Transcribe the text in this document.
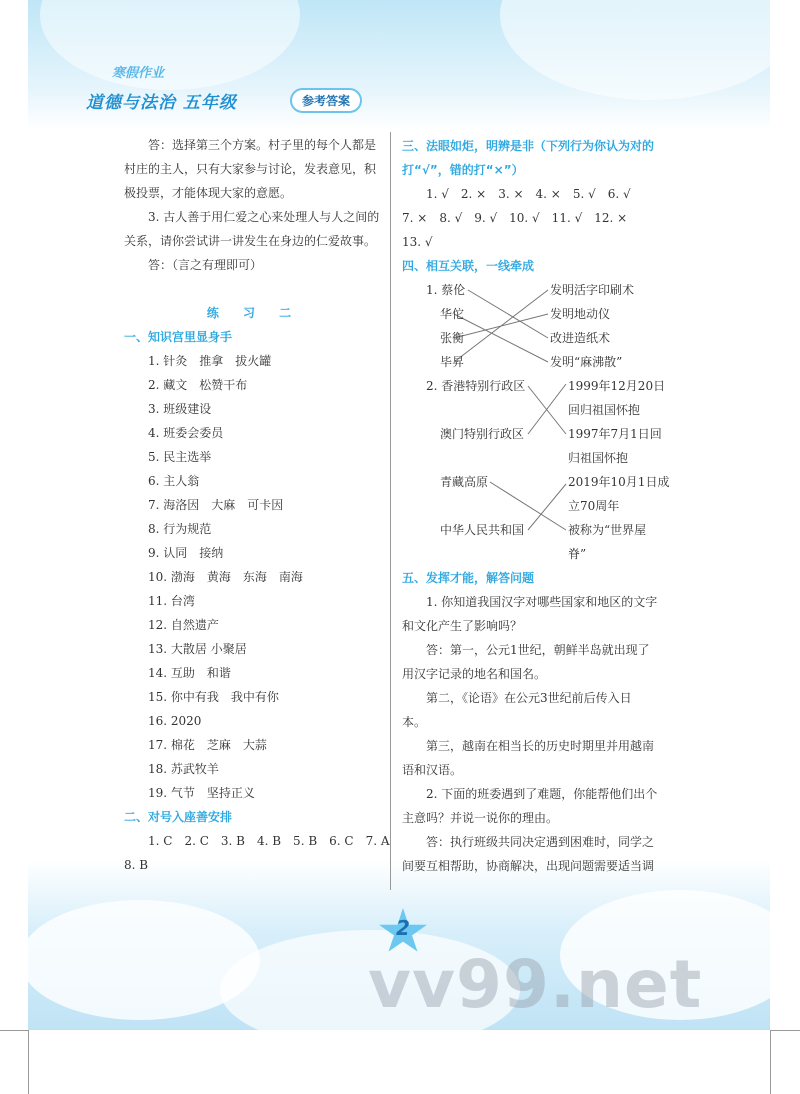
寒假作业
道德与法治 五年级	参考答案
答：选择第三个方案。村子里的每个人都是
村庄的主人，只有大家参与讨论，发表意见，积
极投票，才能体现大家的意愿。
3. 古人善于用仁爱之心来处理人与人之间的
关系，请你尝试讲一讲发生在身边的仁爱故事。
答：（言之有理即可）
练 习 二
一、知识宫里显身手
1. 针灸　推拿　拔火罐
2. 藏文　松赞干布
3. 班级建设
4. 班委会委员
5. 民主选举
6. 主人翁
7. 海洛因　大麻　可卡因
8. 行为规范
9. 认同　接纳
10. 渤海　黄海　东海　南海
11. 台湾
12. 自然遗产
13. 大散居 小聚居
14. 互助　和谐
15. 你中有我　我中有你
16. 2020
17. 棉花　芝麻　大蒜
18. 苏武牧羊
19. 气节　坚持正义
二、对号入座善安排
1. C　2. C　3. B　4. B　5. B　6. C　7. A
8. B
三、法眼如炬，明辨是非（下列行为你认为对的
打“√”，错的打“×”）
1. √　2. ×　3. ×　4. ×　5. √　6. √
7. ×　8. √　9. √　10. √　11. √　12. ×
13. √
四、相互关联，一线牵成
1. 蔡伦
华佗
张衡
毕昇
发明活字印刷术
发明地动仪
改进造纸术
发明“麻沸散”
2. 香港特别行政区
澳门特别行政区
青藏高原
中华人民共和国
1999年12月20日
回归祖国怀抱
1997年7月1日回
归祖国怀抱
2019年10月1日成
立70周年
被称为“世界屋
脊”
五、发挥才能，解答问题
1. 你知道我国汉字对哪些国家和地区的文字
和文化产生了影响吗？
答：第一，公元1世纪，朝鲜半岛就出现了
用汉字记录的地名和国名。
第二，《论语》在公元3世纪前后传入日
本。
第三，越南在相当长的历史时期里并用越南
语和汉语。
2. 下面的班委遇到了难题，你能帮他们出个
主意吗？并说一说你的理由。
答：执行班级共同决定遇到困难时，同学之
间要互相帮助，协商解决，出现问题需要适当调
2
vv99.net
